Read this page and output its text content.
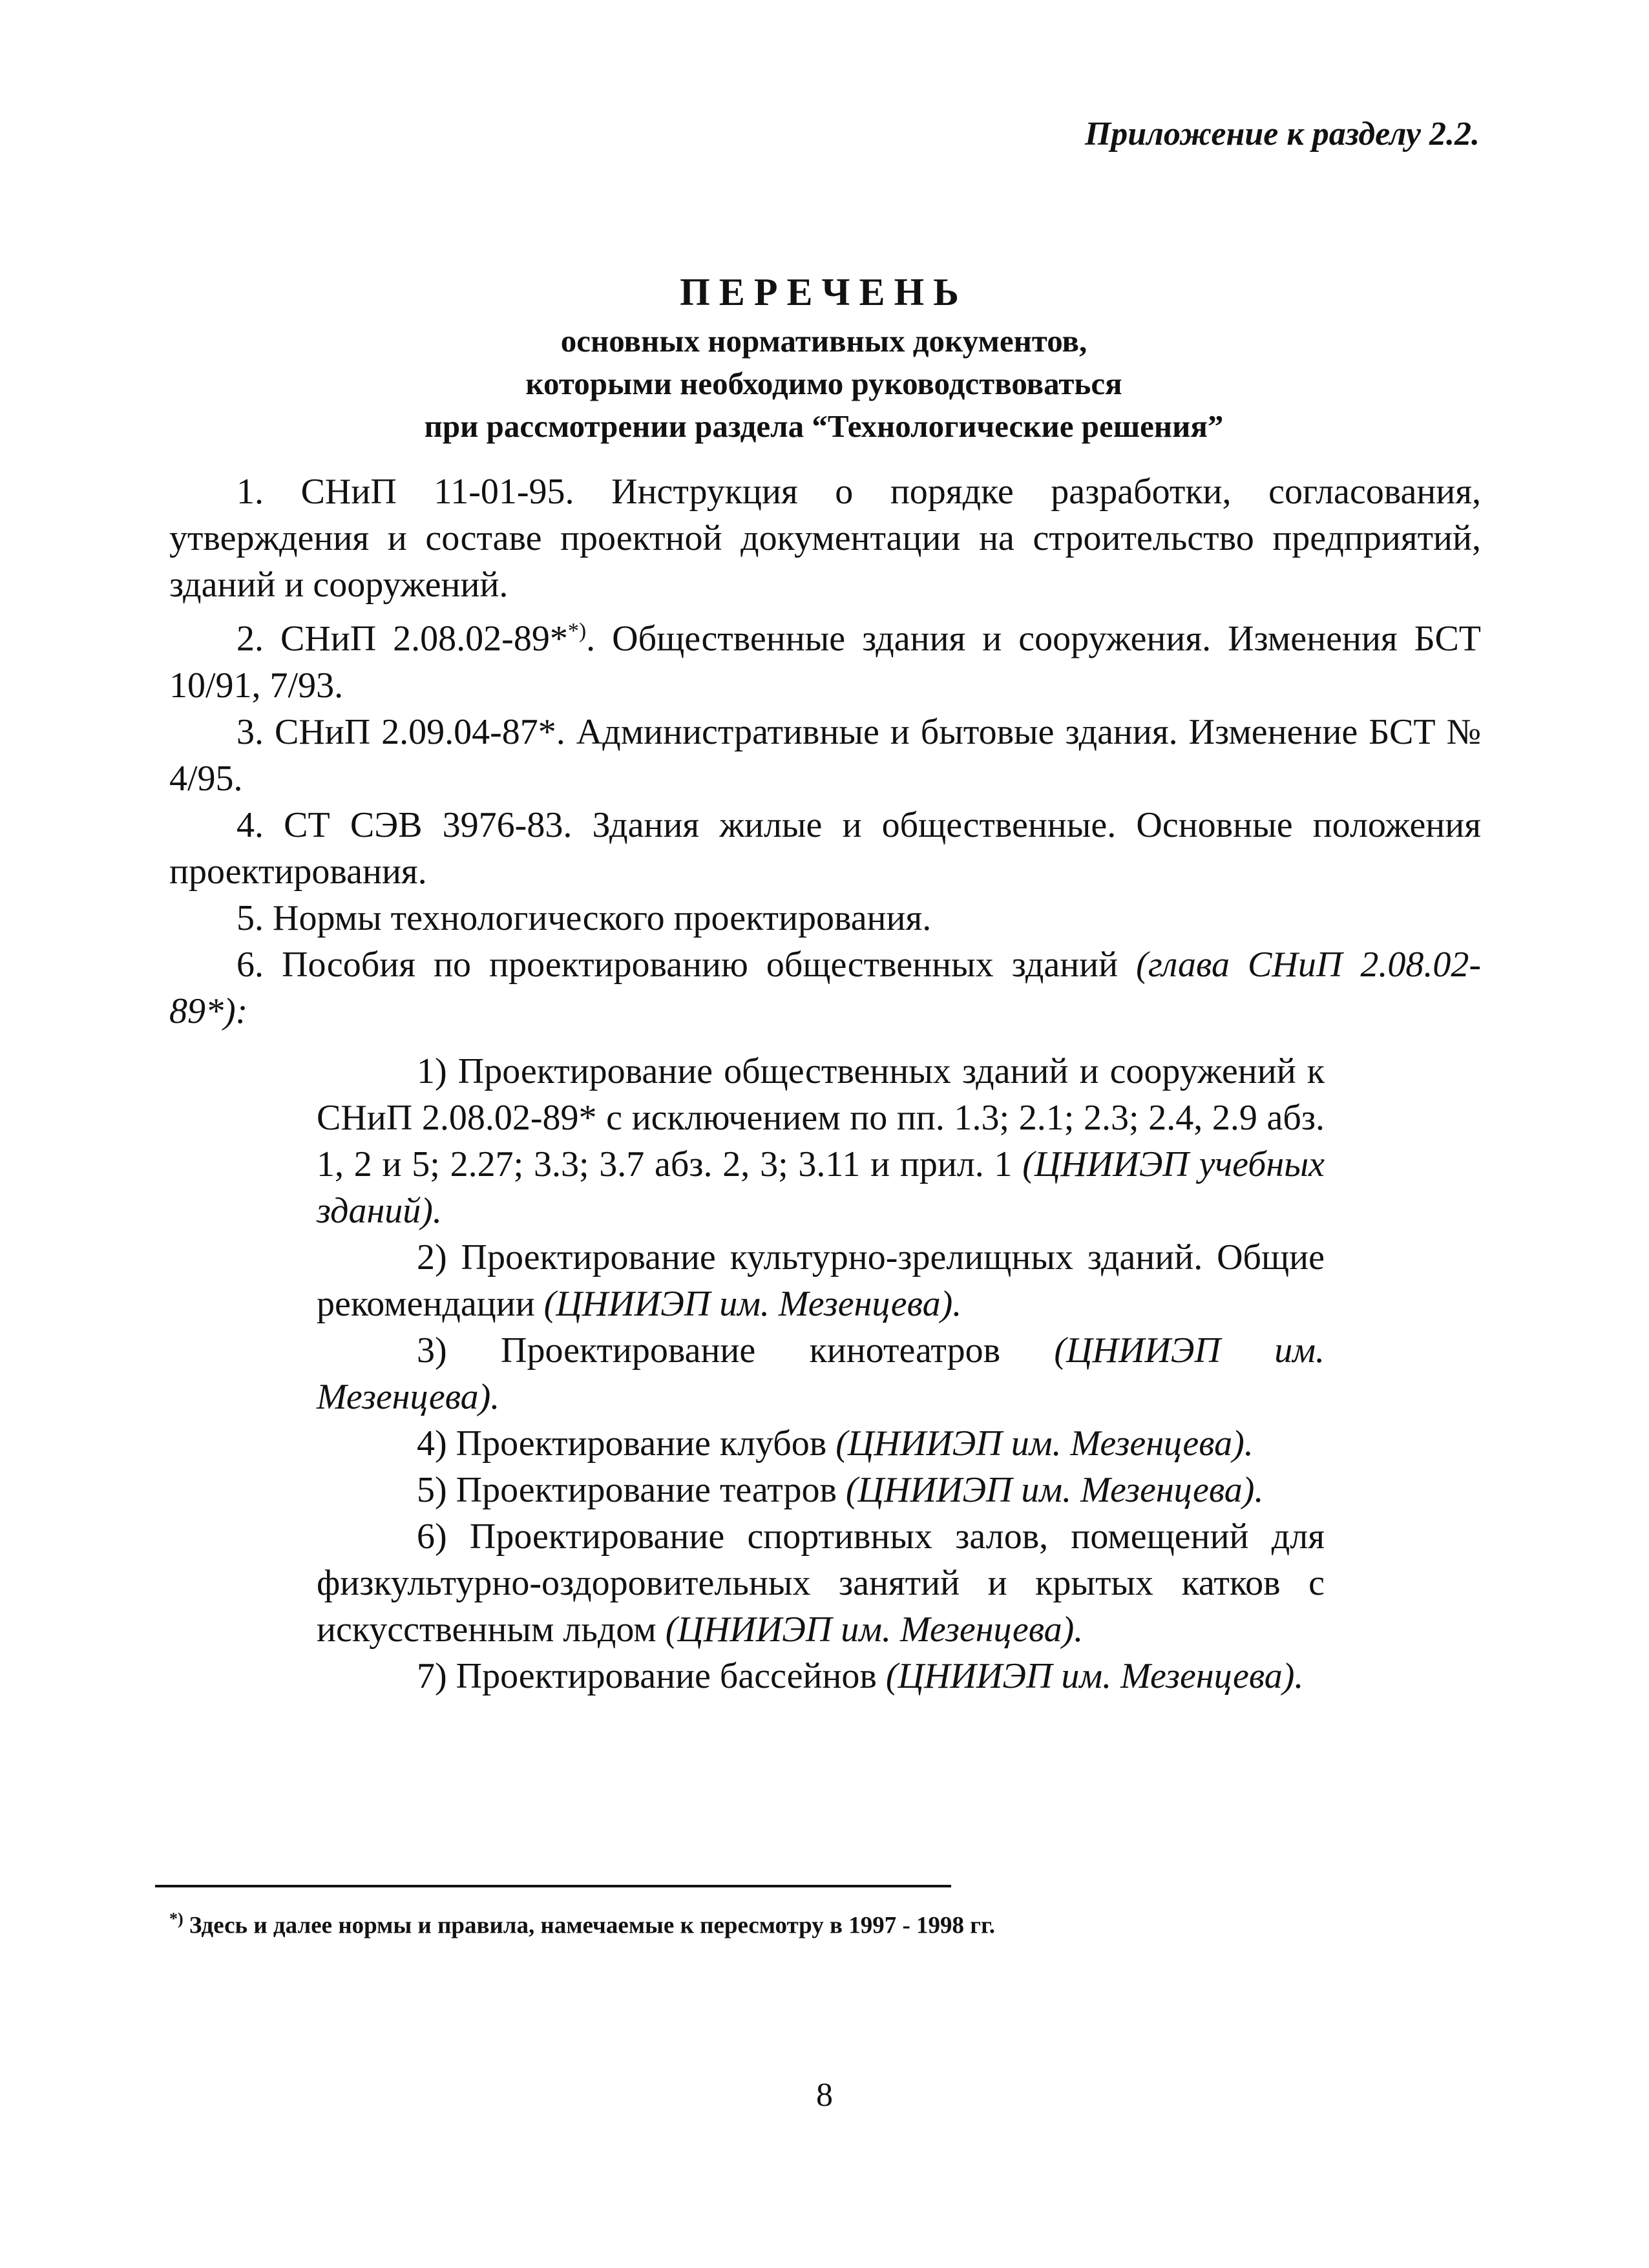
Приложение к разделу 2.2.
ПЕРЕЧЕНЬ
основных нормативных документов,
которыми необходимо руководствоваться
при рассмотрении раздела “Технологические решения”

1. СНиП 11-01-95. Инструкция о порядке разработки, согласования, утверждения и составе проектной документации на строительство предприятий, зданий и сооружений.

2. СНиП 2.08.02-89**). Общественные здания и сооружения. Изменения БСТ 10/91, 7/93.

3. СНиП 2.09.04-87*. Административные и бытовые здания. Изменение БСТ № 4/95.

4. СТ СЭВ 3976-83. Здания жилые и общественные. Основные положения проектирования.

5. Нормы технологического проектирования.

6. Пособия по проектированию общественных зданий (глава СНиП 2.08.02-89*):

1) Проектирование общественных зданий и сооружений к СНиП 2.08.02-89* с исключением по пп. 1.3; 2.1; 2.3; 2.4, 2.9 абз. 1, 2 и 5; 2.27; 3.3; 3.7 абз. 2, 3; 3.11 и прил. 1 (ЦНИИЭП учебных зданий).

2) Проектирование культурно-зрелищных зданий. Общие рекомендации (ЦНИИЭП им. Мезенцева).

3) Проектирование кинотеатров (ЦНИИЭП им. Мезенцева).

4) Проектирование клубов (ЦНИИЭП им. Мезенцева).

5) Проектирование театров (ЦНИИЭП им. Мезенцева).

6) Проектирование спортивных залов, помещений для физкультурно-оздоровительных занятий и крытых катков с искусственным льдом (ЦНИИЭП им. Мезенцева).

7) Проектирование бассейнов (ЦНИИЭП им. Мезенцева).

*) Здесь и далее нормы и правила, намечаемые к пересмотру в 1997 - 1998 гг.
8
